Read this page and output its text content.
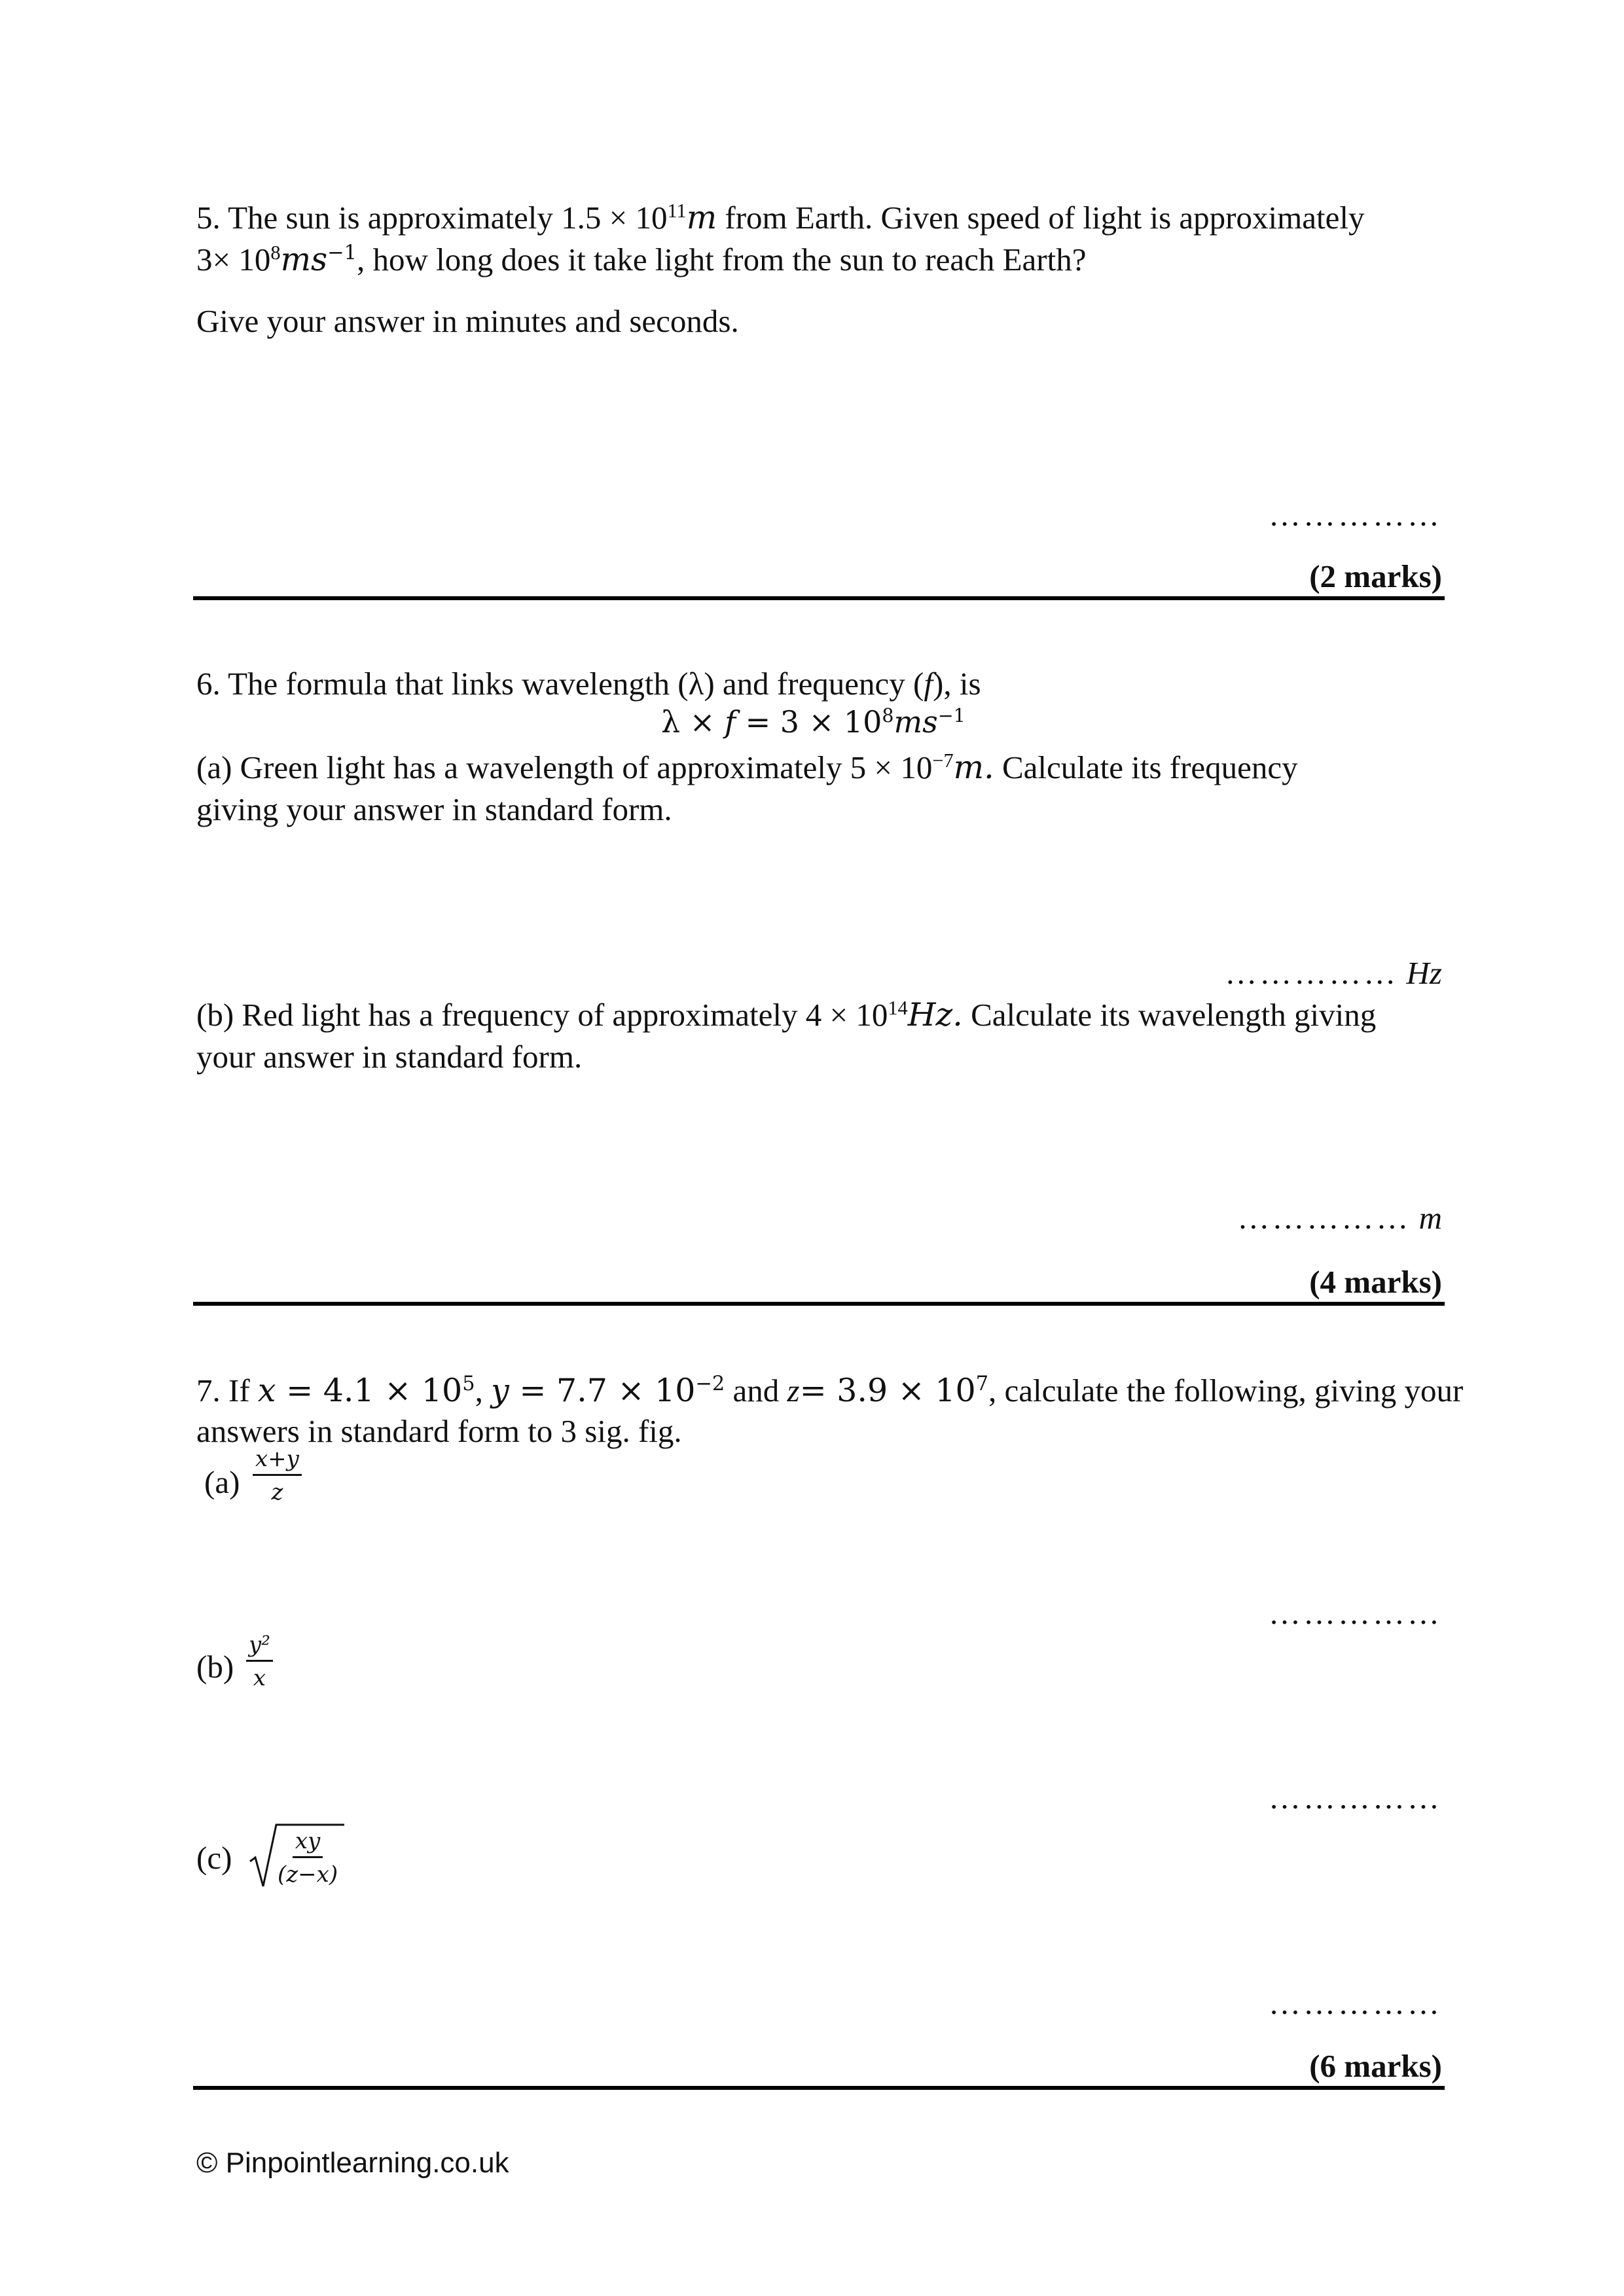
5. The sun is approximately $1.5 \times 10^{11}m$ from Earth. Given speed of light is approximately
$3\times 10^8ms^{-1}$, how long does it take light from the sun to reach Earth?
Give your answer in minutes and seconds.
……………
(2 marks)
6. The formula that links wavelength (λ) and frequency (f), is
$\lambda \times f = 3 \times 10^8ms^{-1}$
(a) Green light has a wavelength of approximately $5 \times 10^{-7}m$. Calculate its frequency
giving your answer in standard form.
…………… Hz
(b) Red light has a frequency of approximately $4 \times 10^{14}Hz$. Calculate its wavelength giving
your answer in standard form.
…………… m
(4 marks)
7. If $x = 4.1 \times 10^5$, $y = 7.7 \times 10^{-2}$ and $z= 3.9 \times 10^7$, calculate the following, giving your
answers in standard form to 3 sig. fig.
$(a) \frac{x+y}{z}$
……………
$(b) \frac{\text{y²}}{x}$
……………
$(c) \frac{xy}{(z-x)}$
……………
(6 marks)
© Pinpointlearning.co.uk
